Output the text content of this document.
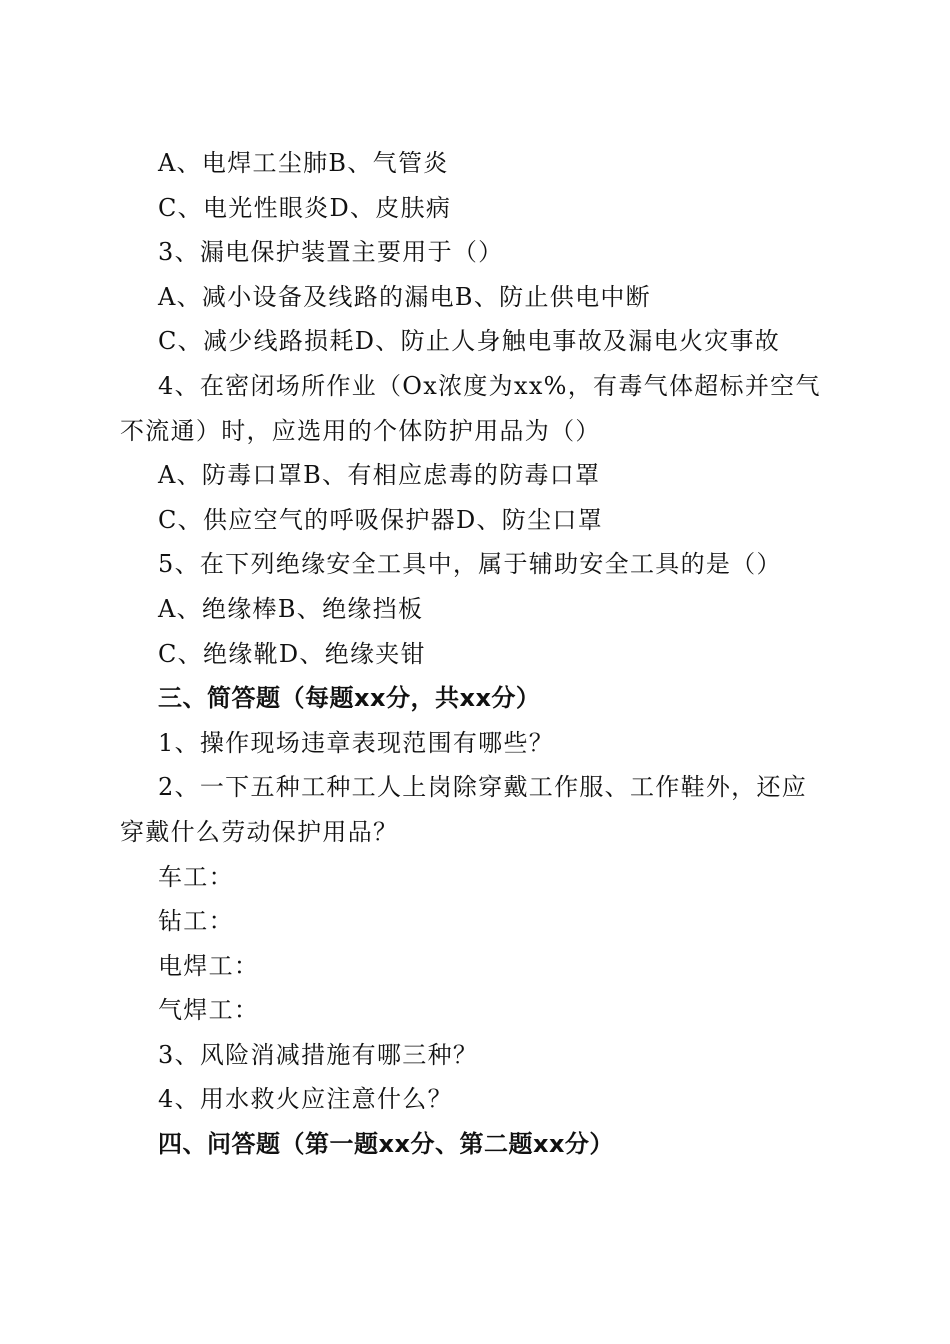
A、电焊工尘肺B、气管炎
C、电光性眼炎D、皮肤病
3、漏电保护装置主要用于（）
A、减小设备及线路的漏电B、防止供电中断
C、减少线路损耗D、防止人身触电事故及漏电火灾事故
4、在密闭场所作业（Ox浓度为xx%，有毒气体超标并空气
不流通）时，应选用的个体防护用品为（）
A、防毒口罩B、有相应虑毒的防毒口罩
C、供应空气的呼吸保护器D、防尘口罩
5、在下列绝缘安全工具中，属于辅助安全工具的是（）
A、绝缘棒B、绝缘挡板
C、绝缘靴D、绝缘夹钳
三、简答题（每题xx分，共xx分）
1、操作现场违章表现范围有哪些？
2、一下五种工种工人上岗除穿戴工作服、工作鞋外，还应
穿戴什么劳动保护用品？
车工：
钻工：
电焊工：
气焊工：
3、风险消减措施有哪三种？
4、用水救火应注意什么？
四、问答题（第一题xx分、第二题xx分）
